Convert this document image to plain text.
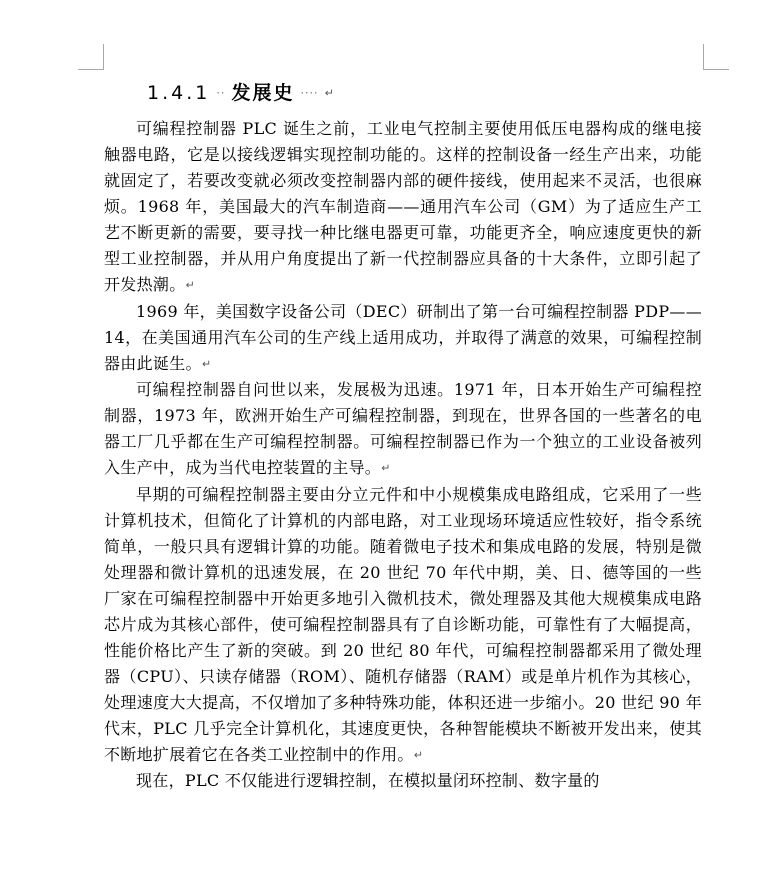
1.4.1 ·· 发展史 ···· ↵

可编程控制器 PLC 诞生之前，工业电气控制主要使用低压电器构成的继电接触器电路，它是以接线逻辑实现控制功能的。这样的控制设备一经生产出来，功能就固定了，若要改变就必须改变控制器内部的硬件接线，使用起来不灵活，也很麻烦。1968 年，美国最大的汽车制造商——通用汽车公司（GM）为了适应生产工艺不断更新的需要，要寻找一种比继电器更可靠，功能更齐全，响应速度更快的新型工业控制器，并从用户角度提出了新一代控制器应具备的十大条件，立即引起了开发热潮。↵

1969 年，美国数字设备公司（DEC）研制出了第一台可编程控制器 PDP——14，在美国通用汽车公司的生产线上适用成功，并取得了满意的效果，可编程控制器由此诞生。↵

可编程控制器自问世以来，发展极为迅速。1971 年，日本开始生产可编程控制器，1973 年，欧洲开始生产可编程控制器，到现在，世界各国的一些著名的电器工厂几乎都在生产可编程控制器。可编程控制器已作为一个独立的工业设备被列入生产中，成为当代电控装置的主导。↵

早期的可编程控制器主要由分立元件和中小规模集成电路组成，它采用了一些计算机技术，但简化了计算机的内部电路，对工业现场环境适应性较好，指令系统简单，一般只具有逻辑计算的功能。随着微电子技术和集成电路的发展，特别是微处理器和微计算机的迅速发展，在 20 世纪 70 年代中期，美、日、德等国的一些厂家在可编程控制器中开始更多地引入微机技术，微处理器及其他大规模集成电路芯片成为其核心部件，使可编程控制器具有了自诊断功能，可靠性有了大幅提高，性能价格比产生了新的突破。到 20 世纪 80 年代，可编程控制器都采用了微处理器（CPU）、只读存储器（ROM）、随机存储器（RAM）或是单片机作为其核心，处理速度大大提高，不仅增加了多种特殊功能，体积还进一步缩小。20 世纪 90 年代末，PLC 几乎完全计算机化，其速度更快，各种智能模块不断被开发出来，使其不断地扩展着它在各类工业控制中的作用。↵

现在，PLC 不仅能进行逻辑控制，在模拟量闭环控制、数字量的
